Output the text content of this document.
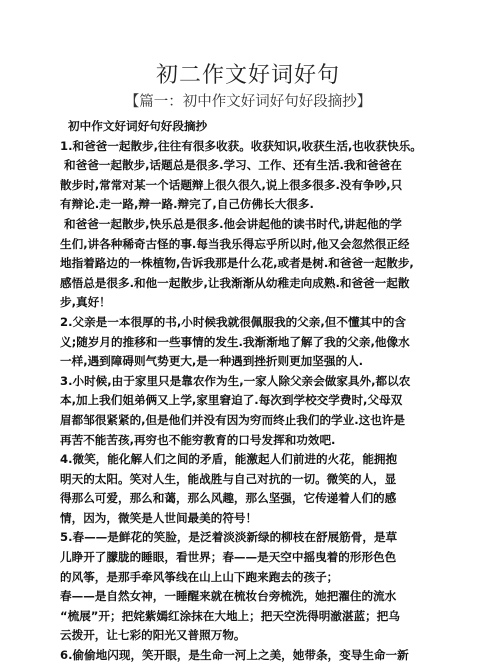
初二作文好词好句
【篇一：初中作文好词好句好段摘抄】
初中作文好词好句好段摘抄
1.和爸爸一起散步,往往有很多收获。收获知识,收获生活,也收获快乐。
和爸爸一起散步,话题总是很多.学习、工作、还有生活.我和爸爸在
散步时,常常对某一个话题辩上很久很久,说上很多很多.没有争吵,只
有辩论.走一路,辩一路.辩完了,自己仿佛长大很多.
和爸爸一起散步,快乐总是很多.他会讲起他的读书时代,讲起他的学
生们,讲各种稀奇古怪的事.每当我乐得忘乎所以时,他又会忽然很正经
地指着路边的一株植物,告诉我那是什么花,或者是树.和爸爸一起散步,
感悟总是很多.和他一起散步,让我渐渐从幼稚走向成熟.和爸爸一起散
步,真好！
2.父亲是一本很厚的书,小时候我就很佩服我的父亲,但不懂其中的含
义;随岁月的推移和一些事情的发生.我渐渐地了解了我的父亲,他像水
一样,遇到障碍则气势更大,是一种遇到挫折则更加坚强的人.
3.小时候,由于家里只是靠农作为生,一家人除父亲会做家具外,都以农
本,加上我们姐弟俩又上学,家里窘迫了.每次到学校交学费时,父母双
眉都邹很紧紧的,但是他们并没有因为穷而终止我们的学业.这也许是
再苦不能苦孩,再穷也不能穷教育的口号发挥和功效吧.
4.微笑，能化解人们之间的矛盾，能激起人们前进的火花，能拥抱
明天的太阳。笑对人生，能战胜与自己对抗的一切。微笑的人，显
得那么可爱，那么和蔼，那么风趣，那么坚强，它传递着人们的感
情，因为，微笑是人世间最美的符号！
5.春——是鲜花的笑脸，是泛着淡淡新绿的柳枝在舒展筋骨，是草
儿睁开了朦胧的睡眼，看世界；春——是天空中摇曳着的形形色色
的风筝，是那手牵风筝线在山上山下跑来跑去的孩子；
春——是自然女神，一睡醒来就在梳妆台旁梳洗，她把濯住的流水
“梳展”开；把姹紫嫣红涂抹在大地上；把天空洗得明澈湛蓝；把乌
云拨开，让七彩的阳光又普照万物。
6.偷偷地闪现，笑开眼，是生命一河上之美，她带条，变导生命一新
